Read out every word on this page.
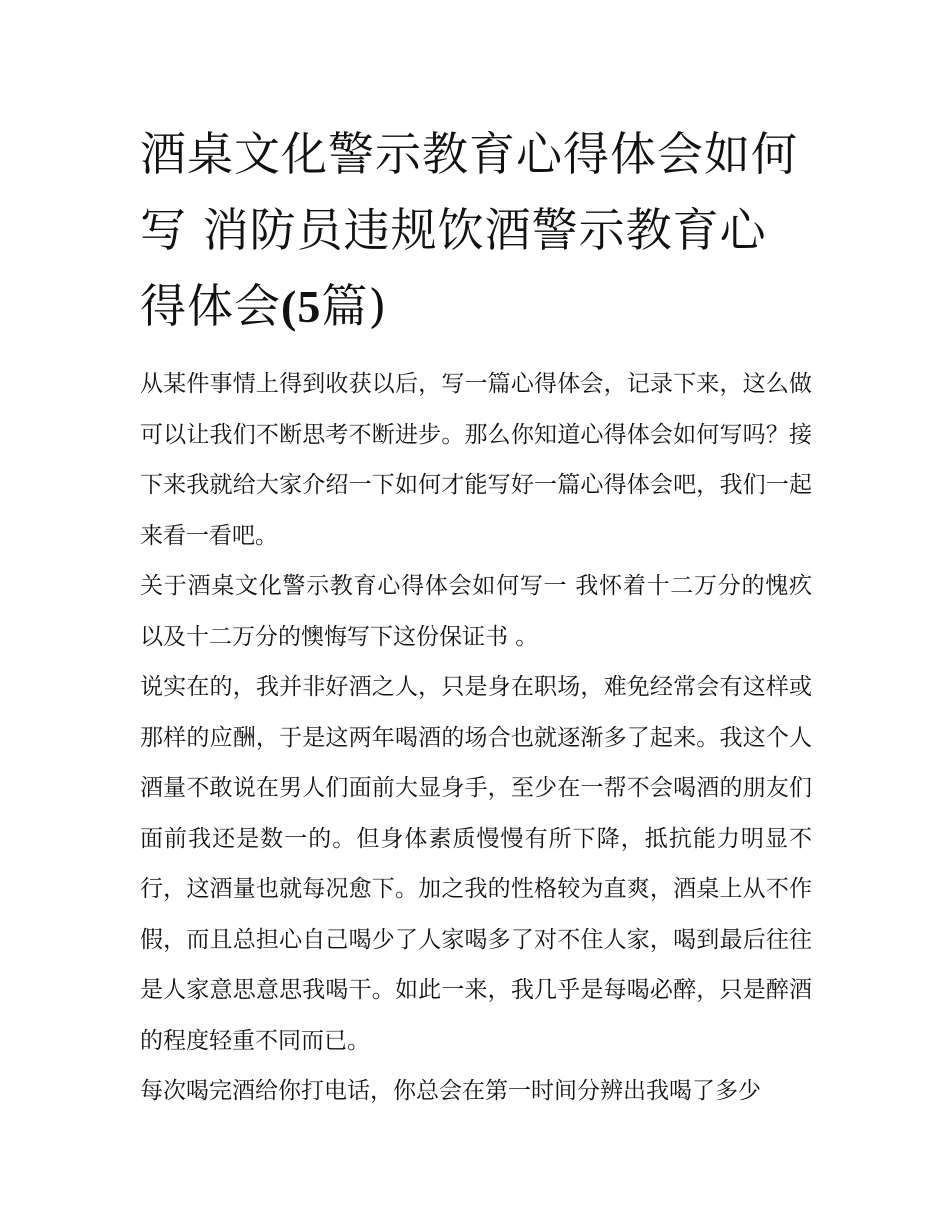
酒桌文化警示教育心得体会如何写 消防员违规饮酒警示教育心得体会(5篇)

从某件事情上得到收获以后，写一篇心得体会，记录下来，这么做可以让我们不断思考不断进步。那么你知道心得体会如何写吗？接下来我就给大家介绍一下如何才能写好一篇心得体会吧，我们一起来看一看吧。

关于酒桌文化警示教育心得体会如何写一 我怀着十二万分的愧疚以及十二万分的懊悔写下这份保证书 。

说实在的，我并非好酒之人，只是身在职场，难免经常会有这样或那样的应酬，于是这两年喝酒的场合也就逐渐多了起来。我这个人酒量不敢说在男人们面前大显身手，至少在一帮不会喝酒的朋友们面前我还是数一的。但身体素质慢慢有所下降，抵抗能力明显不行，这酒量也就每况愈下。加之我的性格较为直爽，酒桌上从不作假，而且总担心自己喝少了人家喝多了对不住人家，喝到最后往往是人家意思意思我喝干。如此一来，我几乎是每喝必醉，只是醉酒的程度轻重不同而已。

每次喝完酒给你打电话，你总会在第一时间分辨出我喝了多少
